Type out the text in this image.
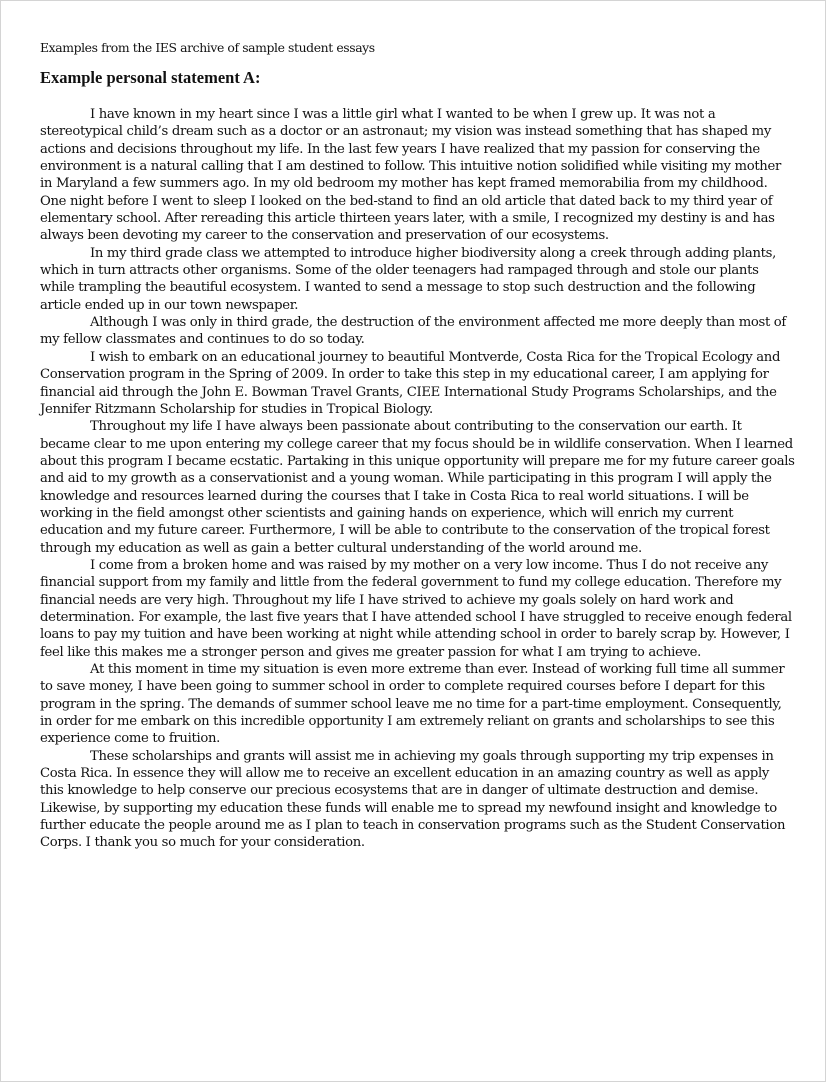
Examples from the IES archive of sample student essays

Example personal statement A:

I have known in my heart since I was a little girl what I wanted to be when I grew up. It was not a stereotypical child’s dream such as a doctor or an astronaut; my vision was instead something that has shaped my actions and decisions throughout my life. In the last few years I have realized that my passion for conserving the environment is a natural calling that I am destined to follow. This intuitive notion solidified while visiting my mother in Maryland a few summers ago. In my old bedroom my mother has kept framed memorabilia from my childhood. One night before I went to sleep I looked on the bed-stand to find an old article that dated back to my third year of elementary school. After rereading this article thirteen years later, with a smile, I recognized my destiny is and has always been devoting my career to the conservation and preservation of our ecosystems.

In my third grade class we attempted to introduce higher biodiversity along a creek through adding plants, which in turn attracts other organisms. Some of the older teenagers had rampaged through and stole our plants while trampling the beautiful ecosystem. I wanted to send a message to stop such destruction and the following article ended up in our town newspaper.

Although I was only in third grade, the destruction of the environment affected me more deeply than most of my fellow classmates and continues to do so today.

I wish to embark on an educational journey to beautiful Montverde, Costa Rica for the Tropical Ecology and Conservation program in the Spring of 2009. In order to take this step in my educational career, I am applying for financial aid through the John E. Bowman Travel Grants, CIEE International Study Programs Scholarships, and the Jennifer Ritzmann Scholarship for studies in Tropical Biology.

Throughout my life I have always been passionate about contributing to the conservation our earth. It became clear to me upon entering my college career that my focus should be in wildlife conservation. When I learned about this program I became ecstatic. Partaking in this unique opportunity will prepare me for my future career goals and aid to my growth as a conservationist and a young woman. While participating in this program I will apply the knowledge and resources learned during the courses that I take in Costa Rica to real world situations. I will be working in the field amongst other scientists and gaining hands on experience, which will enrich my current education and my future career. Furthermore, I will be able to contribute to the conservation of the tropical forest through my education as well as gain a better cultural understanding of the world around me.

I come from a broken home and was raised by my mother on a very low income. Thus I do not receive any financial support from my family and little from the federal government to fund my college education. Therefore my financial needs are very high. Throughout my life I have strived to achieve my goals solely on hard work and determination. For example, the last five years that I have attended school I have struggled to receive enough federal loans to pay my tuition and have been working at night while attending school in order to barely scrap by. However, I feel like this makes me a stronger person and gives me greater passion for what I am trying to achieve.

At this moment in time my situation is even more extreme than ever. Instead of working full time all summer to save money, I have been going to summer school in order to complete required courses before I depart for this program in the spring. The demands of summer school leave me no time for a part-time employment. Consequently, in order for me embark on this incredible opportunity I am extremely reliant on grants and scholarships to see this experience come to fruition.

These scholarships and grants will assist me in achieving my goals through supporting my trip expenses in Costa Rica. In essence they will allow me to receive an excellent education in an amazing country as well as apply this knowledge to help conserve our precious ecosystems that are in danger of ultimate destruction and demise. Likewise, by supporting my education these funds will enable me to spread my newfound insight and knowledge to further educate the people around me as I plan to teach in conservation programs such as the Student Conservation Corps. I thank you so much for your consideration.
